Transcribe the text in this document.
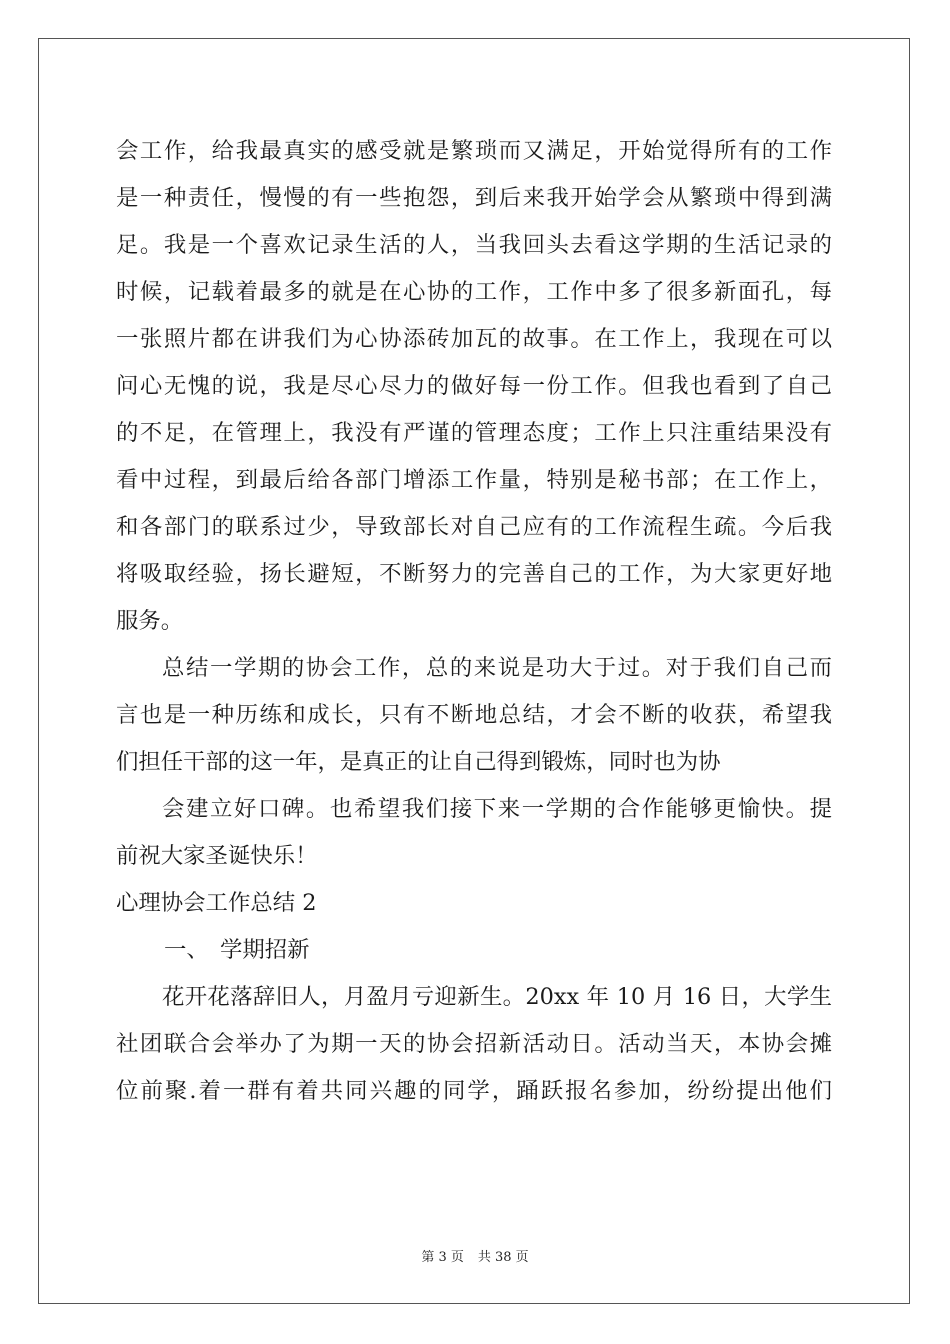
会工作，给我最真实的感受就是繁琐而又满足，开始觉得所有的工作
是一种责任，慢慢的有一些抱怨，到后来我开始学会从繁琐中得到满
足。我是一个喜欢记录生活的人，当我回头去看这学期的生活记录的
时候，记载着最多的就是在心协的工作，工作中多了很多新面孔，每
一张照片都在讲我们为心协添砖加瓦的故事。在工作上，我现在可以
问心无愧的说，我是尽心尽力的做好每一份工作。但我也看到了自己
的不足，在管理上，我没有严谨的管理态度；工作上只注重结果没有
看中过程，到最后给各部门增添工作量，特别是秘书部；在工作上，
和各部门的联系过少，导致部长对自己应有的工作流程生疏。今后我
将吸取经验，扬长避短，不断努力的完善自己的工作，为大家更好地
服务。
总结一学期的协会工作，总的来说是功大于过。对于我们自己而
言也是一种历练和成长，只有不断地总结，才会不断的收获，希望我
们担任干部的这一年，是真正的让自己得到锻炼，同时也为协
会建立好口碑。也希望我们接下来一学期的合作能够更愉快。提
前祝大家圣诞快乐！
心理协会工作总结 2
一、　学期招新
花开花落辞旧人，月盈月亏迎新生。20xx 年 10 月 16 日，大学生
社团联合会举办了为期一天的协会招新活动日。活动当天，本协会摊
位前聚.着一群有着共同兴趣的同学，踊跃报名参加，纷纷提出他们
第 3 页 共 38 页
